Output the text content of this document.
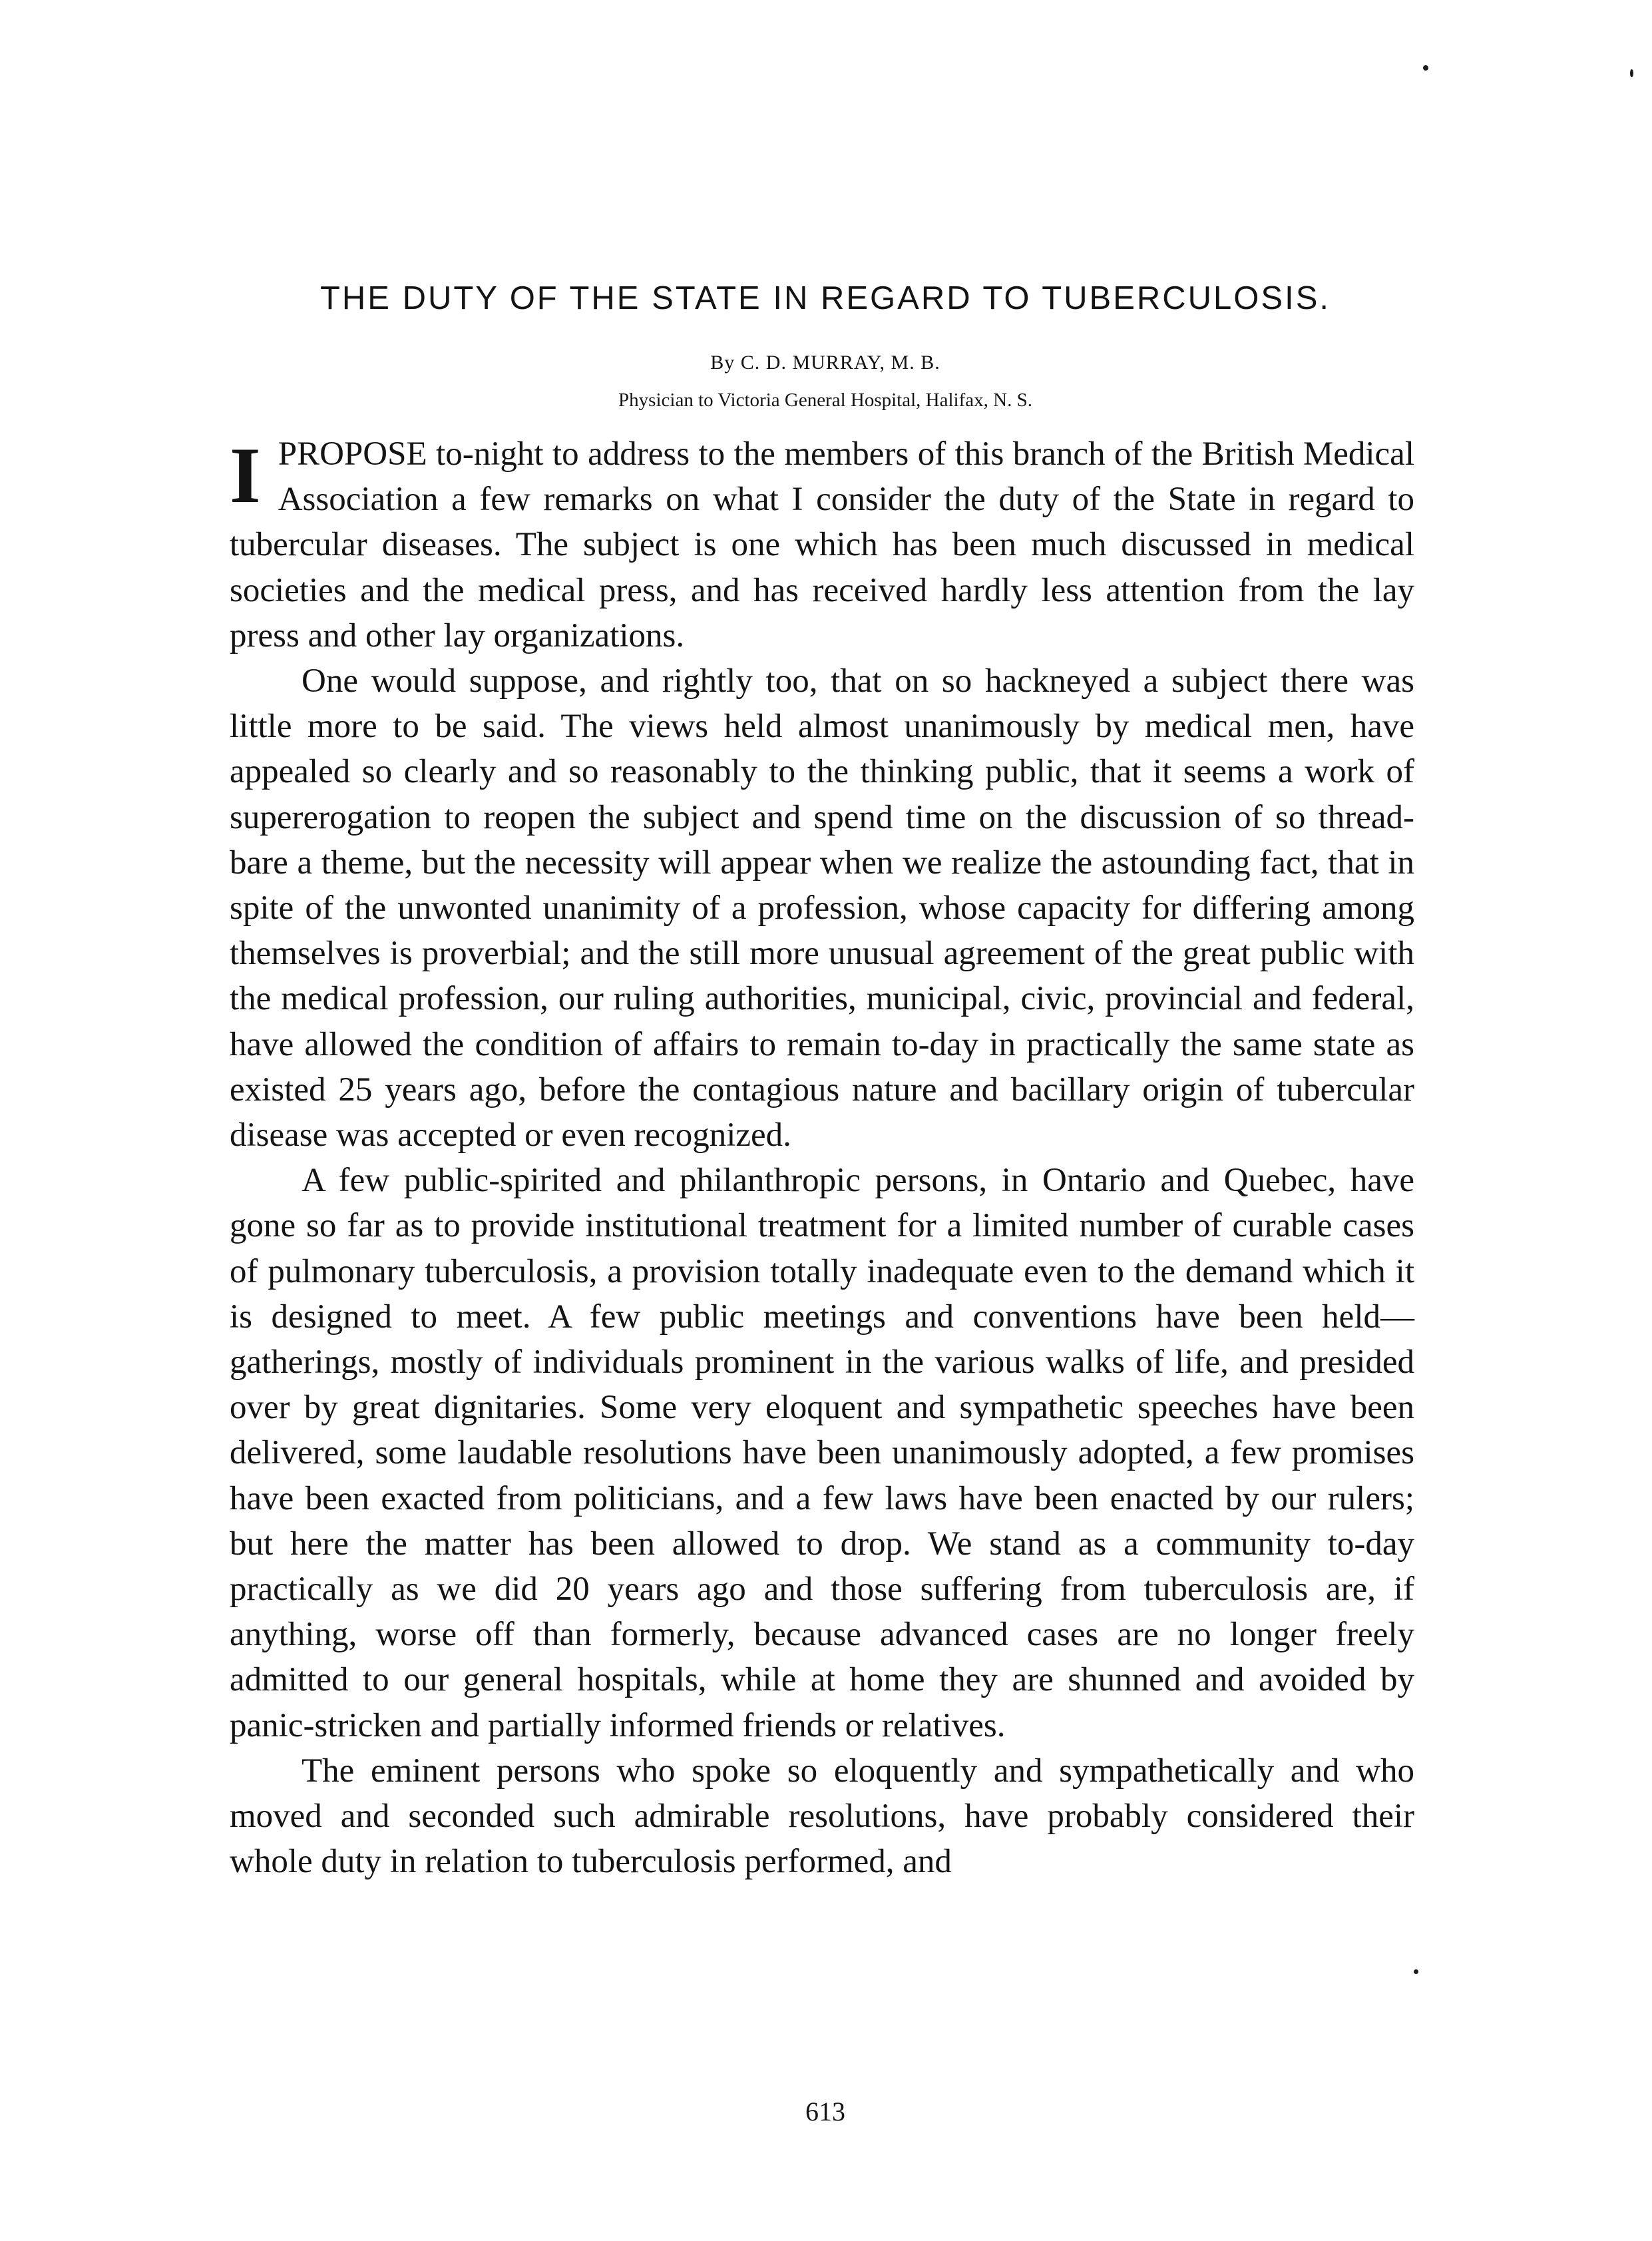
THE DUTY OF THE STATE IN REGARD TO TUBERCULOSIS.
By C. D. MURRAY, M. B.
Physician to Victoria General Hospital, Halifax, N. S.

I PROPOSE to-night to address to the members of this branch of the British Medical Association a few remarks on what I consider the duty of the State in regard to tubercular diseases. The subject is one which has been much discussed in medical societies and the medical press, and has received hardly less attention from the lay press and other lay organizations.

One would suppose, and rightly too, that on so hackneyed a subject there was little more to be said. The views held almost unanimously by medical men, have appealed so clearly and so reasonably to the thinking public, that it seems a work of supererogation to reopen the subject and spend time on the discussion of so thread-bare a theme, but the necessity will appear when we realize the astounding fact, that in spite of the unwonted unanimity of a profession, whose capacity for differing among themselves is proverbial; and the still more unusual agreement of the great public with the medical profession, our ruling authorities, municipal, civic, provincial and federal, have allowed the condition of affairs to remain to-day in practically the same state as existed 25 years ago, before the contagious nature and bacillary origin of tubercular disease was accepted or even recognized.

A few public-spirited and philanthropic persons, in Ontario and Quebec, have gone so far as to provide institutional treatment for a limited number of curable cases of pulmonary tuberculosis, a provision totally inadequate even to the demand which it is designed to meet. A few public meetings and conventions have been held—gatherings, mostly of individuals prominent in the various walks of life, and presided over by great dignitaries. Some very eloquent and sympathetic speeches have been delivered, some laudable resolutions have been unanimously adopted, a few promises have been exacted from politicians, and a few laws have been enacted by our rulers; but here the matter has been allowed to drop. We stand as a community to-day practically as we did 20 years ago and those suffering from tuberculosis are, if anything, worse off than formerly, because advanced cases are no longer freely admitted to our general hospitals, while at home they are shunned and avoided by panic-stricken and partially informed friends or relatives.

The eminent persons who spoke so eloquently and sympathetically and who moved and seconded such admirable resolutions, have probably considered their whole duty in relation to tuberculosis performed, and

613
